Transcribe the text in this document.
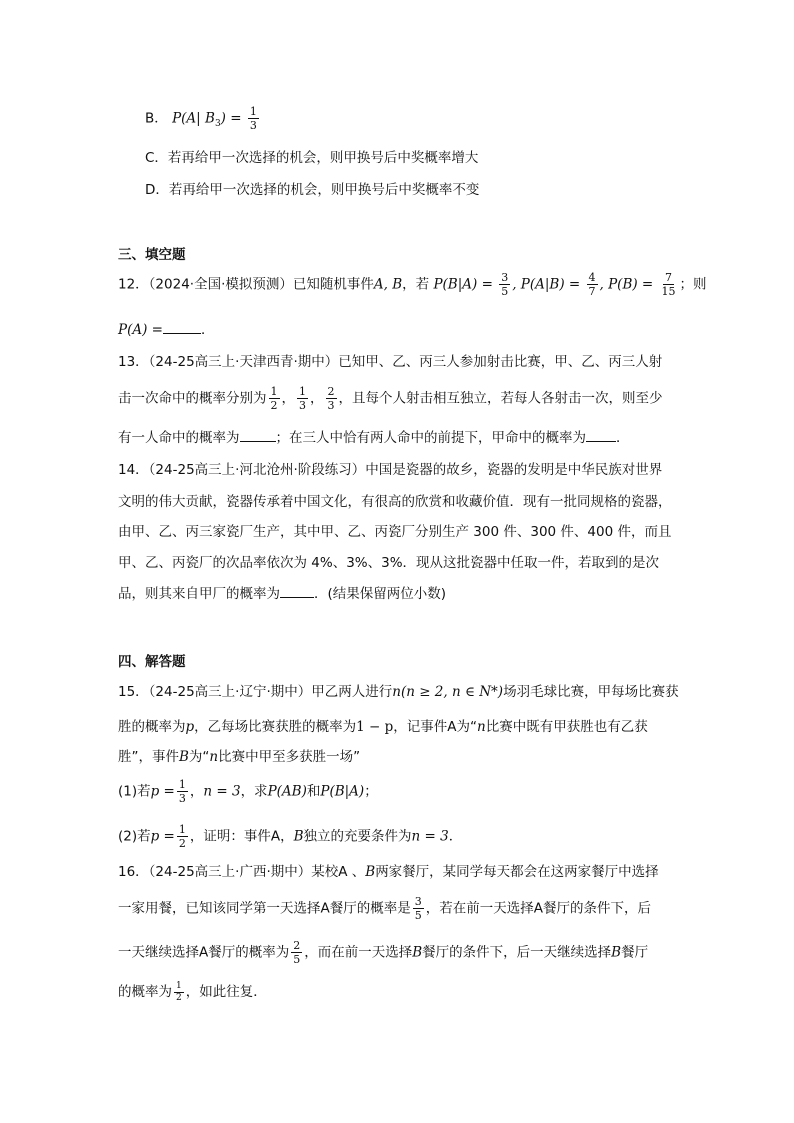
B． P(A| $B_3) = \frac{1}{3}$
C．若再给甲一次选择的机会，则甲换号后中奖概率增大
D．若再给甲一次选择的机会，则甲换号后中奖概率不变
三、填空题
12．（2024·全国·模拟预测）已知随机事件A, B，若 $P(B|A) = \frac{3}{5}$ , $P(A|B) = \frac{4}{7}$ , $P(B) = \frac{7}{15}$ ；则
P(A) =	．
13．（24-25高三上·天津西青·期中）已知甲、乙、丙三人参加射击比赛，甲、乙、丙三人射
击一次命中的概率分别为 $\frac{1}{2}$ ， $\frac{1}{3}$ ， $\frac{2}{3}$ ，且每个人射击相互独立，若每人各射击一次，则至少
有一人命中的概率为	；在三人中恰有两人命中的前提下，甲命中的概率为 ．
14．（24-25高三上·河北沧州·阶段练习）中国是瓷器的故乡，瓷器的发明是中华民族对世界
文明的伟大贡献，瓷器传承着中国文化，有很高的欣赏和收藏价值．现有一批同规格的瓷器，
由甲、乙、丙三家瓷厂生产，其中甲、乙、丙瓷厂分别生产 300 件、300 件、400 件，而且
甲、乙、丙瓷厂的次品率依次为 4%、3%、3%．现从这批瓷器中任取一件，若取到的是次
品，则其来自甲厂的概率为	．(结果保留两位小数)
四、解答题
15．（24-25高三上·辽宁·期中）甲乙两人进行n(n ≥ 2, n ∈ N*)场羽毛球比赛，甲每场比赛获
胜的概率为p，乙每场比赛获胜的概率为1 − p，记事件A为“n比赛中既有甲获胜也有乙获
胜”，事件B为“n比赛中甲至多获胜一场”
(1)若$p = \frac{1}{3}$ ，n = 3，求P(AB)和P(B|A)；
(2)若$p = \frac{1}{2}$ ，证明：事件A，B独立的充要条件为n = 3．
16．（24-25高三上·广西·期中）某校A 、B两家餐厅，某同学每天都会在这两家餐厅中选择
一家用餐，已知该同学第一天选择A餐厅的概率是 $\frac{3}{5}$ ，若在前一天选择A餐厅的条件下，后
一天继续选择A餐厅的概率为 $\frac{2}{5}$ ，而在前一天选择B餐厅的条件下，后一天继续选择B餐厅
的概率为 $\frac{1}{2}$ ，如此往复．
